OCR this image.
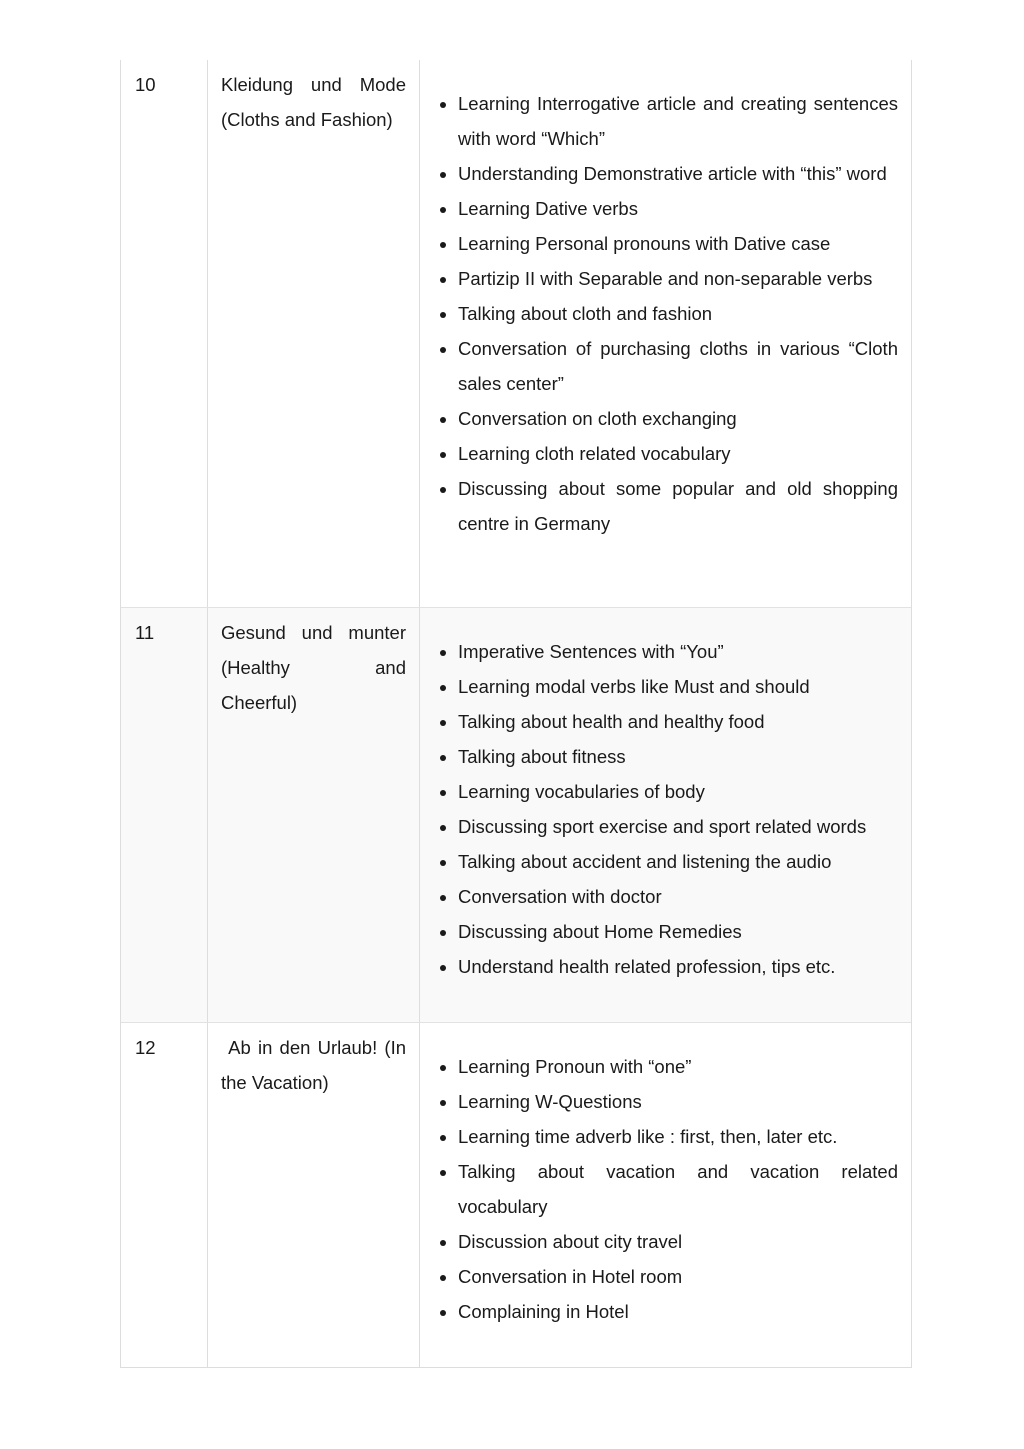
10	Kleidung und Mode (Cloths and Fashion)
• Learning Interrogative article and creating sentences with word “Which”
• Understanding Demonstrative article with “this” word
• Learning Dative verbs
• Learning Personal pronouns with Dative case
• Partizip II with Separable and non-separable verbs
• Talking about cloth and fashion
• Conversation of purchasing cloths in various “Cloth sales center”
• Conversation on cloth exchanging
• Learning cloth related vocabulary
• Discussing about some popular and old shopping centre in Germany
11	Gesund und munter (Healthy and Cheerful)
• Imperative Sentences with “You”
• Learning modal verbs like Must and should
• Talking about health and healthy food
• Talking about fitness
• Learning vocabularies of body
• Discussing sport exercise and sport related words
• Talking about accident and listening the audio
• Conversation with doctor
• Discussing about Home Remedies
• Understand health related profession, tips etc.
12	Ab in den Urlaub! (In the Vacation)
• Learning Pronoun with “one”
• Learning W-Questions
• Learning time adverb like : first, then, later etc.
• Talking about vacation and vacation related vocabulary
• Discussion about city travel
• Conversation in Hotel room
• Complaining in Hotel
